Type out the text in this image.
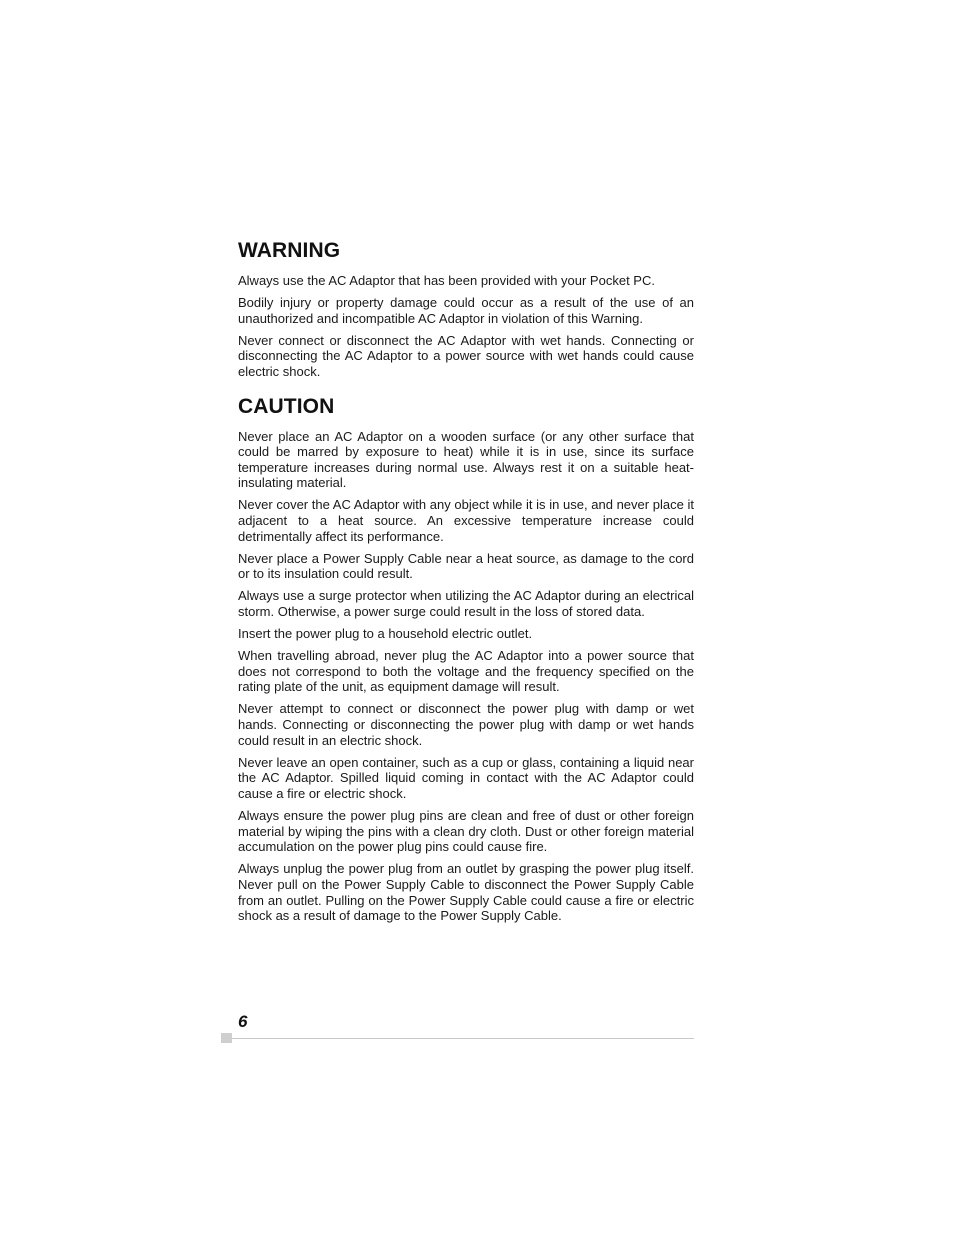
WARNING

Always use the AC Adaptor that has been provided with your Pocket PC.

Bodily injury or property damage could occur as a result of the use of an unauthorized and incompatible AC Adaptor in violation of this Warning.

Never connect or disconnect the AC Adaptor with wet hands. Connecting or disconnecting the AC Adaptor to a power source with wet hands could cause electric shock.

CAUTION

Never place an AC Adaptor on a wooden surface (or any other surface that could be marred by exposure to heat) while it is in use, since its surface temperature increases during normal use. Always rest it on a suitable heat-insulating material.

Never cover the AC Adaptor with any object while it is in use, and never place it adjacent to a heat source. An excessive temperature increase could detrimentally affect its performance.

Never place a Power Supply Cable near a heat source, as damage to the cord or to its insulation could result.

Always use a surge protector when utilizing the AC Adaptor during an electrical storm. Otherwise, a power surge could result in the loss of stored data.

Insert the power plug to a household electric outlet.

When travelling abroad, never plug the AC Adaptor into a power source that does not correspond to both the voltage and the frequency specified on the rating plate of the unit, as equipment damage will result.

Never attempt to connect or disconnect the power plug with damp or wet hands. Connecting or disconnecting the power plug with damp or wet hands could result in an electric shock.

Never leave an open container, such as a cup or glass, containing a liquid near the AC Adaptor. Spilled liquid coming in contact with the AC Adaptor could cause a fire or electric shock.

Always ensure the power plug pins are clean and free of dust or other foreign material by wiping the pins with a clean dry cloth. Dust or other foreign material accumulation on the power plug pins could cause fire.

Always unplug the power plug from an outlet by grasping the power plug itself. Never pull on the Power Supply Cable to disconnect the Power Supply Cable from an outlet. Pulling on the Power Supply Cable could cause a fire or electric shock as a result of damage to the Power Supply Cable.

6
